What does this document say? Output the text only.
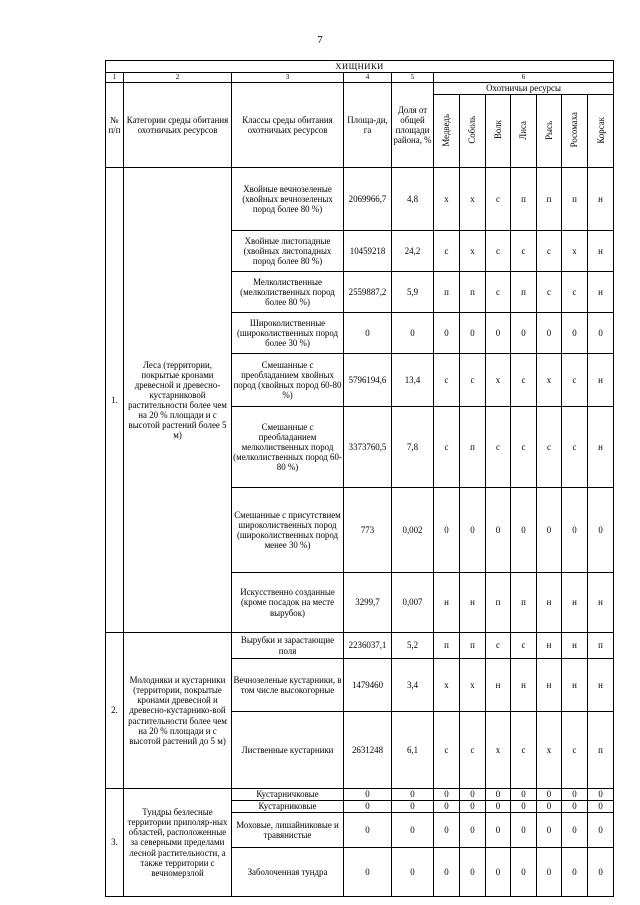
7
ХИЩНИКИ											
1	2	3	4	5	6						
№ п/п	Категории среды обитания охотничьих ресурсов	Классы среды обитания охотничьих ресурсов	Площа-ди, га	Доля от общей площади района, %	Охотничьи ресурсы						
					Медведь	Соболь	Волк	Лиса	Рысь	Росомаха	Корсак
1.	Леса (территории, покрытые кронами древесной и древесно-кустарниковой растительности более чем на 20 % площади и с высотой растений более 5 м)	Хвойные вечнозеленые (хвойных вечнозеленых пород более 80 %)	2069966,7	4,8	х	х	с	п	п	п	н
		Хвойные листопадные (хвойных листопадных пород более 80 %)	10459218	24,2	с	х	с	с	с	х	н
		Мелколиственные (мелколиственных пород более 80 %)	2559887,2	5,9	п	п	с	п	с	с	н
		Широколиственные (широколиственных пород более 30 %)	0	0	0	0	0	0	0	0	0
		Смешанные с преобладанием хвойных пород (хвойных пород 60-80 %)	5796194,6	13,4	с	с	х	с	х	с	н
		Смешанные с преобладанием мелколиственных пород (мелколиственных пород 60-80 %)	3373760,5	7,8	с	п	с	с	с	с	н
		Смешанные с присутствием широколиственных пород (широколиственных пород менее 30 %)	773	0,002	0	0	0	0	0	0	0
		Искусственно созданные (кроме посадок на месте вырубок)	3299,7	0,007	н	н	п	п	н	н	н
2.	Молодняки и кустарники (территории, покрытые кронами древесной и древесно-кустарнико-вой растительности более чем на 20 % площади и с высотой растений до 5 м)	Вырубки и зарастающие поля	2236037,1	5,2	п	п	с	с	н	н	п
		Вечнозеленые кустарники, в том числе высокогорные	1479460	3,4	х	х	н	н	н	н	н
		Лиственные кустарники	2631248	6,1	с	с	х	с	х	с	п
3.	Тундры безлесные территории приполяр-ных областей, расположенные за северными пределами лесной растительности, а также территории с вечномерзлой	Кустарничковые	0	0	0	0	0	0	0	0	0
		Кустарниковые	0	0	0	0	0	0	0	0	0
		Моховые, лишайниковые и травянистые	0	0	0	0	0	0	0	0	0
		Заболоченная тундра	0	0	0	0	0	0	0	0	0
